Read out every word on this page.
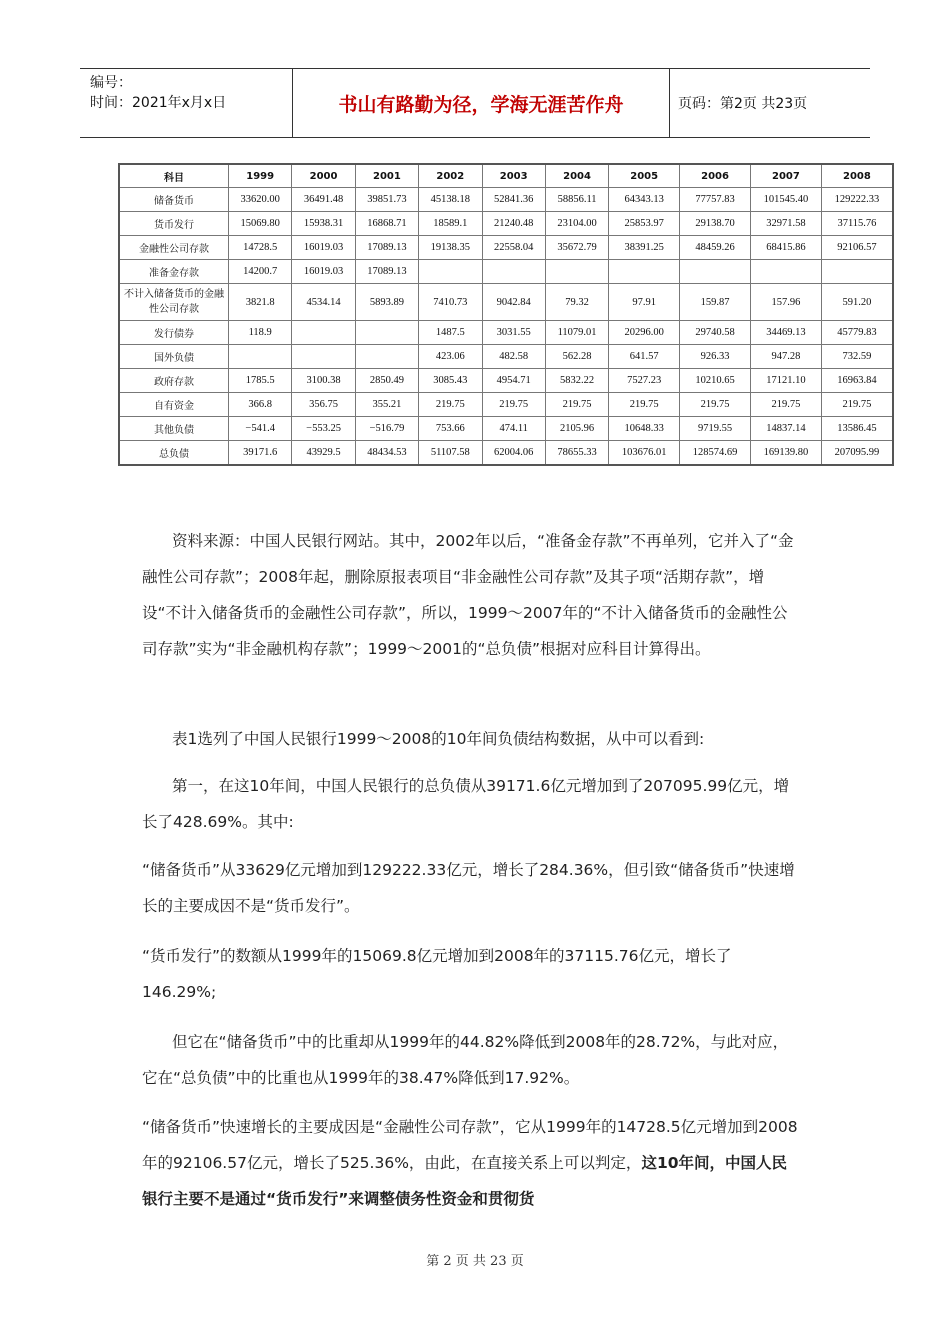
编号：
时间：2021年x月x日	书山有路勤为径，学海无涯苦作舟	页码：第2页 共23页
科目	1999	2000	2001	2002	2003	2004	2005	2006	2007	2008
储备货币	33620.00	36491.48	39851.73	45138.18	52841.36	58856.11	64343.13	77757.83	101545.40	129222.33
货币发行	15069.80	15938.31	16868.71	18589.1	21240.48	23104.00	25853.97	29138.70	32971.58	37115.76
金融性公司存款	14728.5	16019.03	17089.13	19138.35	22558.04	35672.79	38391.25	48459.26	68415.86	92106.57
准备金存款	14200.7	16019.03	17089.13							
不计入储备货币的金融性公司存款	3821.8	4534.14	5893.89	7410.73	9042.84	79.32	97.91	159.87	157.96	591.20
发行债券	118.9			1487.5	3031.55	11079.01	20296.00	29740.58	34469.13	45779.83
国外负债				423.06	482.58	562.28	641.57	926.33	947.28	732.59
政府存款	1785.5	3100.38	2850.49	3085.43	4954.71	5832.22	7527.23	10210.65	17121.10	16963.84
自有资金	366.8	356.75	355.21	219.75	219.75	219.75	219.75	219.75	219.75	219.75
其他负债	−541.4	−553.25	−516.79	753.66	474.11	2105.96	10648.33	9719.55	14837.14	13586.45
总负债	39171.6	43929.5	48434.53	51107.58	62004.06	78655.33	103676.01	128574.69	169139.80	207095.99
资料来源：中国人民银行网站。其中，2002年以后，“准备金存款”不再单列，它并入了“金融性公司存款”；2008年起，删除原报表项目“非金融性公司存款”及其子项“活期存款”，增设“不计入储备货币的金融性公司存款”，所以，1999～2007年的“不计入储备货币的金融性公司存款”实为“非金融机构存款”；1999～2001的“总负债”根据对应科目计算得出。
表1选列了中国人民银行1999～2008的10年间负债结构数据，从中可以看到:
第一，在这10年间，中国人民银行的总负债从39171.6亿元增加到了207095.99亿元，增长了428.69%。其中:
“储备货币”从33629亿元增加到129222.33亿元，增长了284.36%，但引致“储备货币”快速增长的主要成因不是“货币发行”。
“货币发行”的数额从1999年的15069.8亿元增加到2008年的37115.76亿元，增长了146.29%;
但它在“储备货币”中的比重却从1999年的44.82%降低到2008年的28.72%，与此对应，它在“总负债”中的比重也从1999年的38.47%降低到17.92%。
“储备货币”快速增长的主要成因是“金融性公司存款”，它从1999年的14728.5亿元增加到2008年的92106.57亿元，增长了525.36%，由此，在直接关系上可以判定，这10年间，中国人民银行主要不是通过“货币发行”来调整债务性资金和贯彻货
第 2 页 共 23 页
